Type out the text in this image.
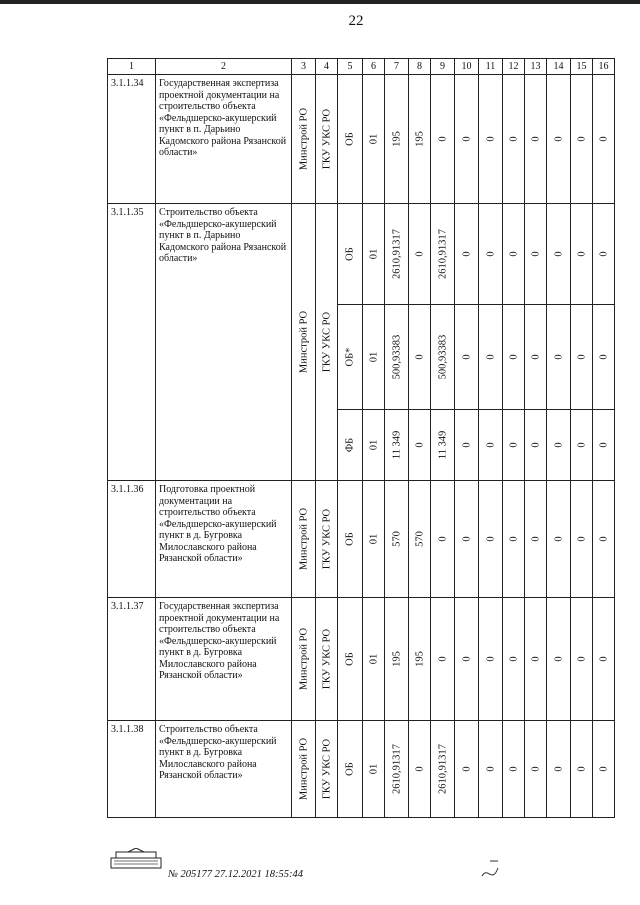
22
1	2	3	4	5	6	7	8	9	10	11	12	13	14	15	16
3.1.1.34	Государственная экспертиза проектной документации на строительство объекта «Фельдшерско-акушерский пункт в п. Дарьино Кадомского района Рязанской области»	Минстрой РО	ГКУ УКС РО	ОБ	01	195	195	0	0	0	0	0	0	0	0

3.1.1.35	Строительство объекта «Фельдшерско-акушерский пункт в п. Дарьино Кадомского района Рязанской области»	Минстрой РО	ГКУ УКС РО	ОБ	01	2610,91317	0	2610,91317	0	0	0	0	0	0	0

				ОБ*	01	500,93383	0	500,93383	0	0	0	0	0	0	0

				ФБ	01	11 349	0	11 349	0	0	0	0	0	0	0

3.1.1.36	Подготовка проектной документации на строительство объекта «Фельдшерско-акушерский пункт в д. Бугровка Милославского района Рязанской области»	Минстрой РО	ГКУ УКС РО	ОБ	01	570	570	0	0	0	0	0	0	0	0

3.1.1.37	Государственная экспертиза проектной документации на строительство объекта «Фельдшерско-акушерский пункт в д. Бугровка Милославского района Рязанской области»	Минстрой РО	ГКУ УКС РО	ОБ	01	195	195	0	0	0	0	0	0	0	0

3.1.1.38	Строительство объекта «Фельдшерско-акушерский пункт в д. Бугровка Милославского района Рязанской области»	Минстрой РО	ГКУ УКС РО	ОБ	01	2610,91317	0	2610,91317	0	0	0	0	0	0	0
№ 205177 27.12.2021 18:55:44
